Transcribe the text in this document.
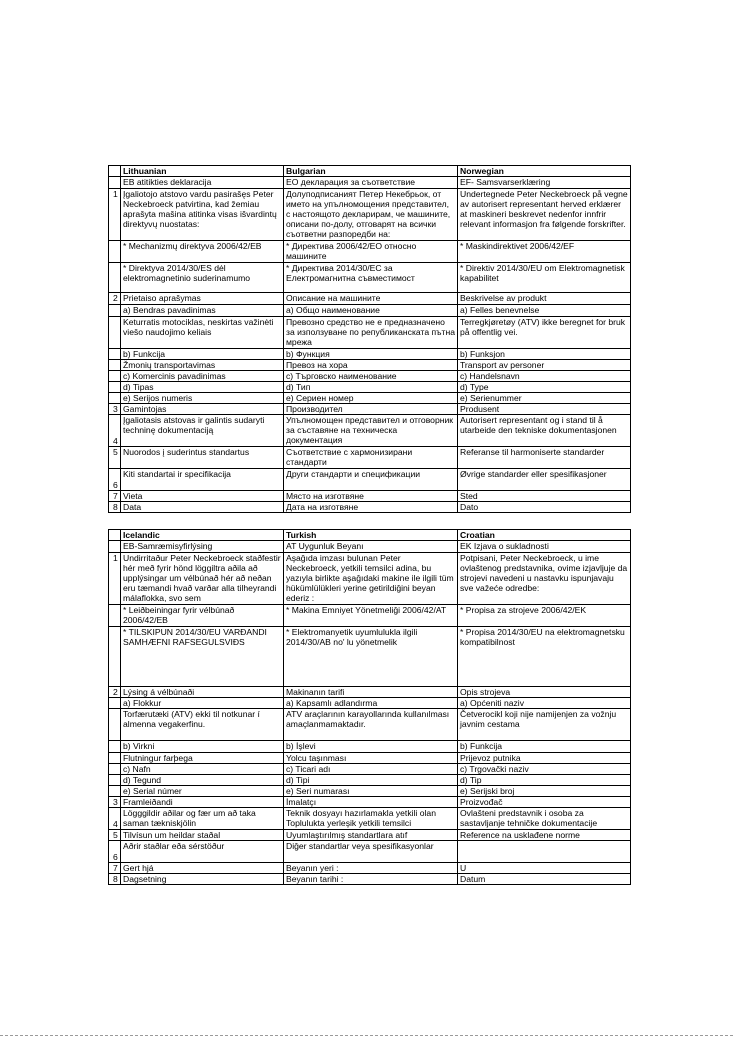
	Lithuanian	Bulgarian	Norwegian
	EB atitikties deklaracija	ЕО декларация за съответствие	EF- Samsvarserklæring
1	Įgaliotojo atstovo vardu pasirašęs Peter Neckebroeck patvirtina, kad žemiau aprašyta mašina atitinka visas išvardintų direktyvų nuostatas:	Долуподписаният Петер Некебрьок, от името на упълномощения представител, с настоящото декларирам, че машините, описани по-долу, отговарят на всички съответни разпоредби на:	Undertegnede Peter Neckebroeck på vegne av autorisert representant herved erklærer at maskineri beskrevet nedenfor innfrir relevant informasjon fra følgende forskrifter.
	* Mechanizmų direktyva 2006/42/EB	* Директива 2006/42/EO относно машините	* Maskindirektivet 2006/42/EF
	* Direktyva 2014/30/ES dėl elektromagnetinio suderinamumo	* Директива 2014/30/ЕС за Електромагнитна съвместимост	* Direktiv 2014/30/EU om Elektromagnetisk kapabilitet
2	Prietaiso aprašymas	Описание на машините	Beskrivelse av produkt
	a) Bendras pavadinimas	a) Общо наименование	a) Felles benevnelse
	Keturratis motociklas, neskirtas važinėti viešo naudojimo keliais	Превозно средство не е предназначено за използуване по републиканската пътна мрежа	Terregkjøretøy (ATV) ikke beregnet for bruk på offentlig vei.
	b) Funkcija	b) Функция	b) Funksjon
	Žmonių transportavimas	Превоз на хора	Transport av personer
	c) Komercinis pavadinimas	c) Търговско наименование	c) Handelsnavn
	d) Tipas	d) Тип	d) Type
	e) Serijos numeris	e) Сериен номер	e) Serienummer
3	Gamintojas	Производител	Produsent
4	Įgaliotasis atstovas ir galintis sudaryti techninę dokumentaciją	Упълномощен представител и отговорник за съставяне на техническа документация	Autorisert representant og i stand til å utarbeide den tekniske dokumentasjonen
5	Nuorodos į suderintus standartus	Съответствие с хармонизирани стандарти	Referanse til harmoniserte standarder
6	Kiti standartai ir specifikacija	Други стандарти и спецификации	Øvrige standarder eller spesifikasjoner
7	Vieta	Място на изготвяне	Sted
8	Data	Дата на изготвяне	Dato
	Icelandic	Turkish	Croatian
	EB-Samræmisyfirlýsing	AT Uygunluk Beyanı	EK Izjava o sukladnosti
1	Undirritaður Peter Neckebroeck staðfestir hér með fyrir hönd löggiltra aðila að upplýsingar um vélbúnað hér að neðan eru tæmandi hvað varðar alla tilheyrandi málaflokka, svo sem	Aşağıda imzası bulunan Peter Neckebroeck, yetkili temsilci adina, bu yazıyla birlikte aşağıdaki makine ile ilgili tüm hükümlülükleri yerine getirildiğini beyan ederiz :	Potpisani, Peter Neckebroeck, u ime ovlaštenog predstavnika, ovime izjavljuje da strojevi navedeni u nastavku ispunjavaju sve važeće odredbe:
	* Leiðbeiningar fyrir vélbúnað 2006/42/EB	* Makina Emniyet Yönetmeliği 2006/42/AT	* Propisa za strojeve 2006/42/EK
	* TILSKIPUN 2014/30/EU VARÐANDI SAMHÆFNI RAFSEGULSVIÐS	* Elektromanyetik uyumlulukla ilgili 2014/30/AB no' lu yönetmelik	* Propisa 2014/30/EU na elektromagnetsku kompatibilnost
2	Lýsing á vélbúnaði	Makinanın tarifi	Opis strojeva
	a) Flokkur	a) Kapsamlı adlandırma	a) Općeniti naziv
	Torfærutæki (ATV) ekki til notkunar í almenna vegakerfinu.	ATV araçlarının karayollarında kullanılması amaçlanmamaktadır.	Četverocikl koji nije namijenjen za vožnju javnim cestama
	b) Virkni	b) İşlevi	b) Funkcija
	Flutningur farþega	Yolcu taşınması	Prijevoz putnika
	c) Nafn	c) Ticari adı	c) Trgovački naziv
	d) Tegund	d) Tipi	d) Tip
	e) Serial númer	e) Seri numarası	e) Serijski broj
3	Framleiðandi	İmalatçı	Proizvođač
4	Lögggildir aðilar og fær um að taka saman tækniskjölin	Teknik dosyayı hazırlamakla yetkili olan Toplulukta yerleşik yetkili temsilci	Ovlašteni predstavnik i osoba za sastavljanje tehničke dokumentacije
5	Tilvísun um heildar staðal	Uyumlaştırılmış standartlara atıf	Reference na usklađene norme
6	Aðrir staðlar eða sérstöður	Diğer standartlar veya spesifikasyonlar	
7	Gert hjá	Beyanın yeri :	U
8	Dagsetning	Beyanın tarihi :	Datum
